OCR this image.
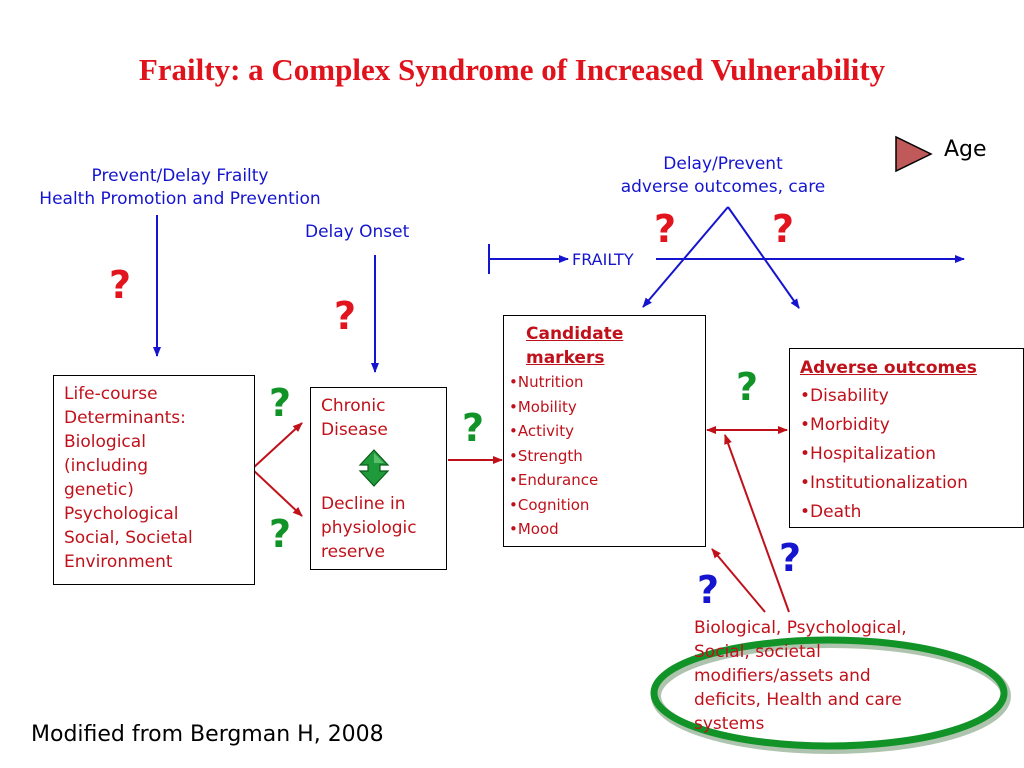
Frailty: a Complex Syndrome of Increased Vulnerability
Age
Prevent/Delay Frailty
Health Promotion and Prevention
Delay Onset
Delay/Prevent
adverse outcomes, care
FRAILTY
?
?
?	?
?
?
?
?
?
?
Life-course
Determinants:
Biological
(including
genetic)
Psychological
Social, Societal
Environment
Chronic
Disease
Decline in
physiologic
reserve
Candidate
markers
• Nutrition
• Mobility
• Activity
• Strength
• Endurance
• Cognition
• Mood
Adverse outcomes
• Disability
• Morbidity
• Hospitalization
• Institutionalization
• Death
Biological, Psychological,
Social, societal
modifiers/assets and
deficits, Health and care
systems
Modified from Bergman H, 2008
